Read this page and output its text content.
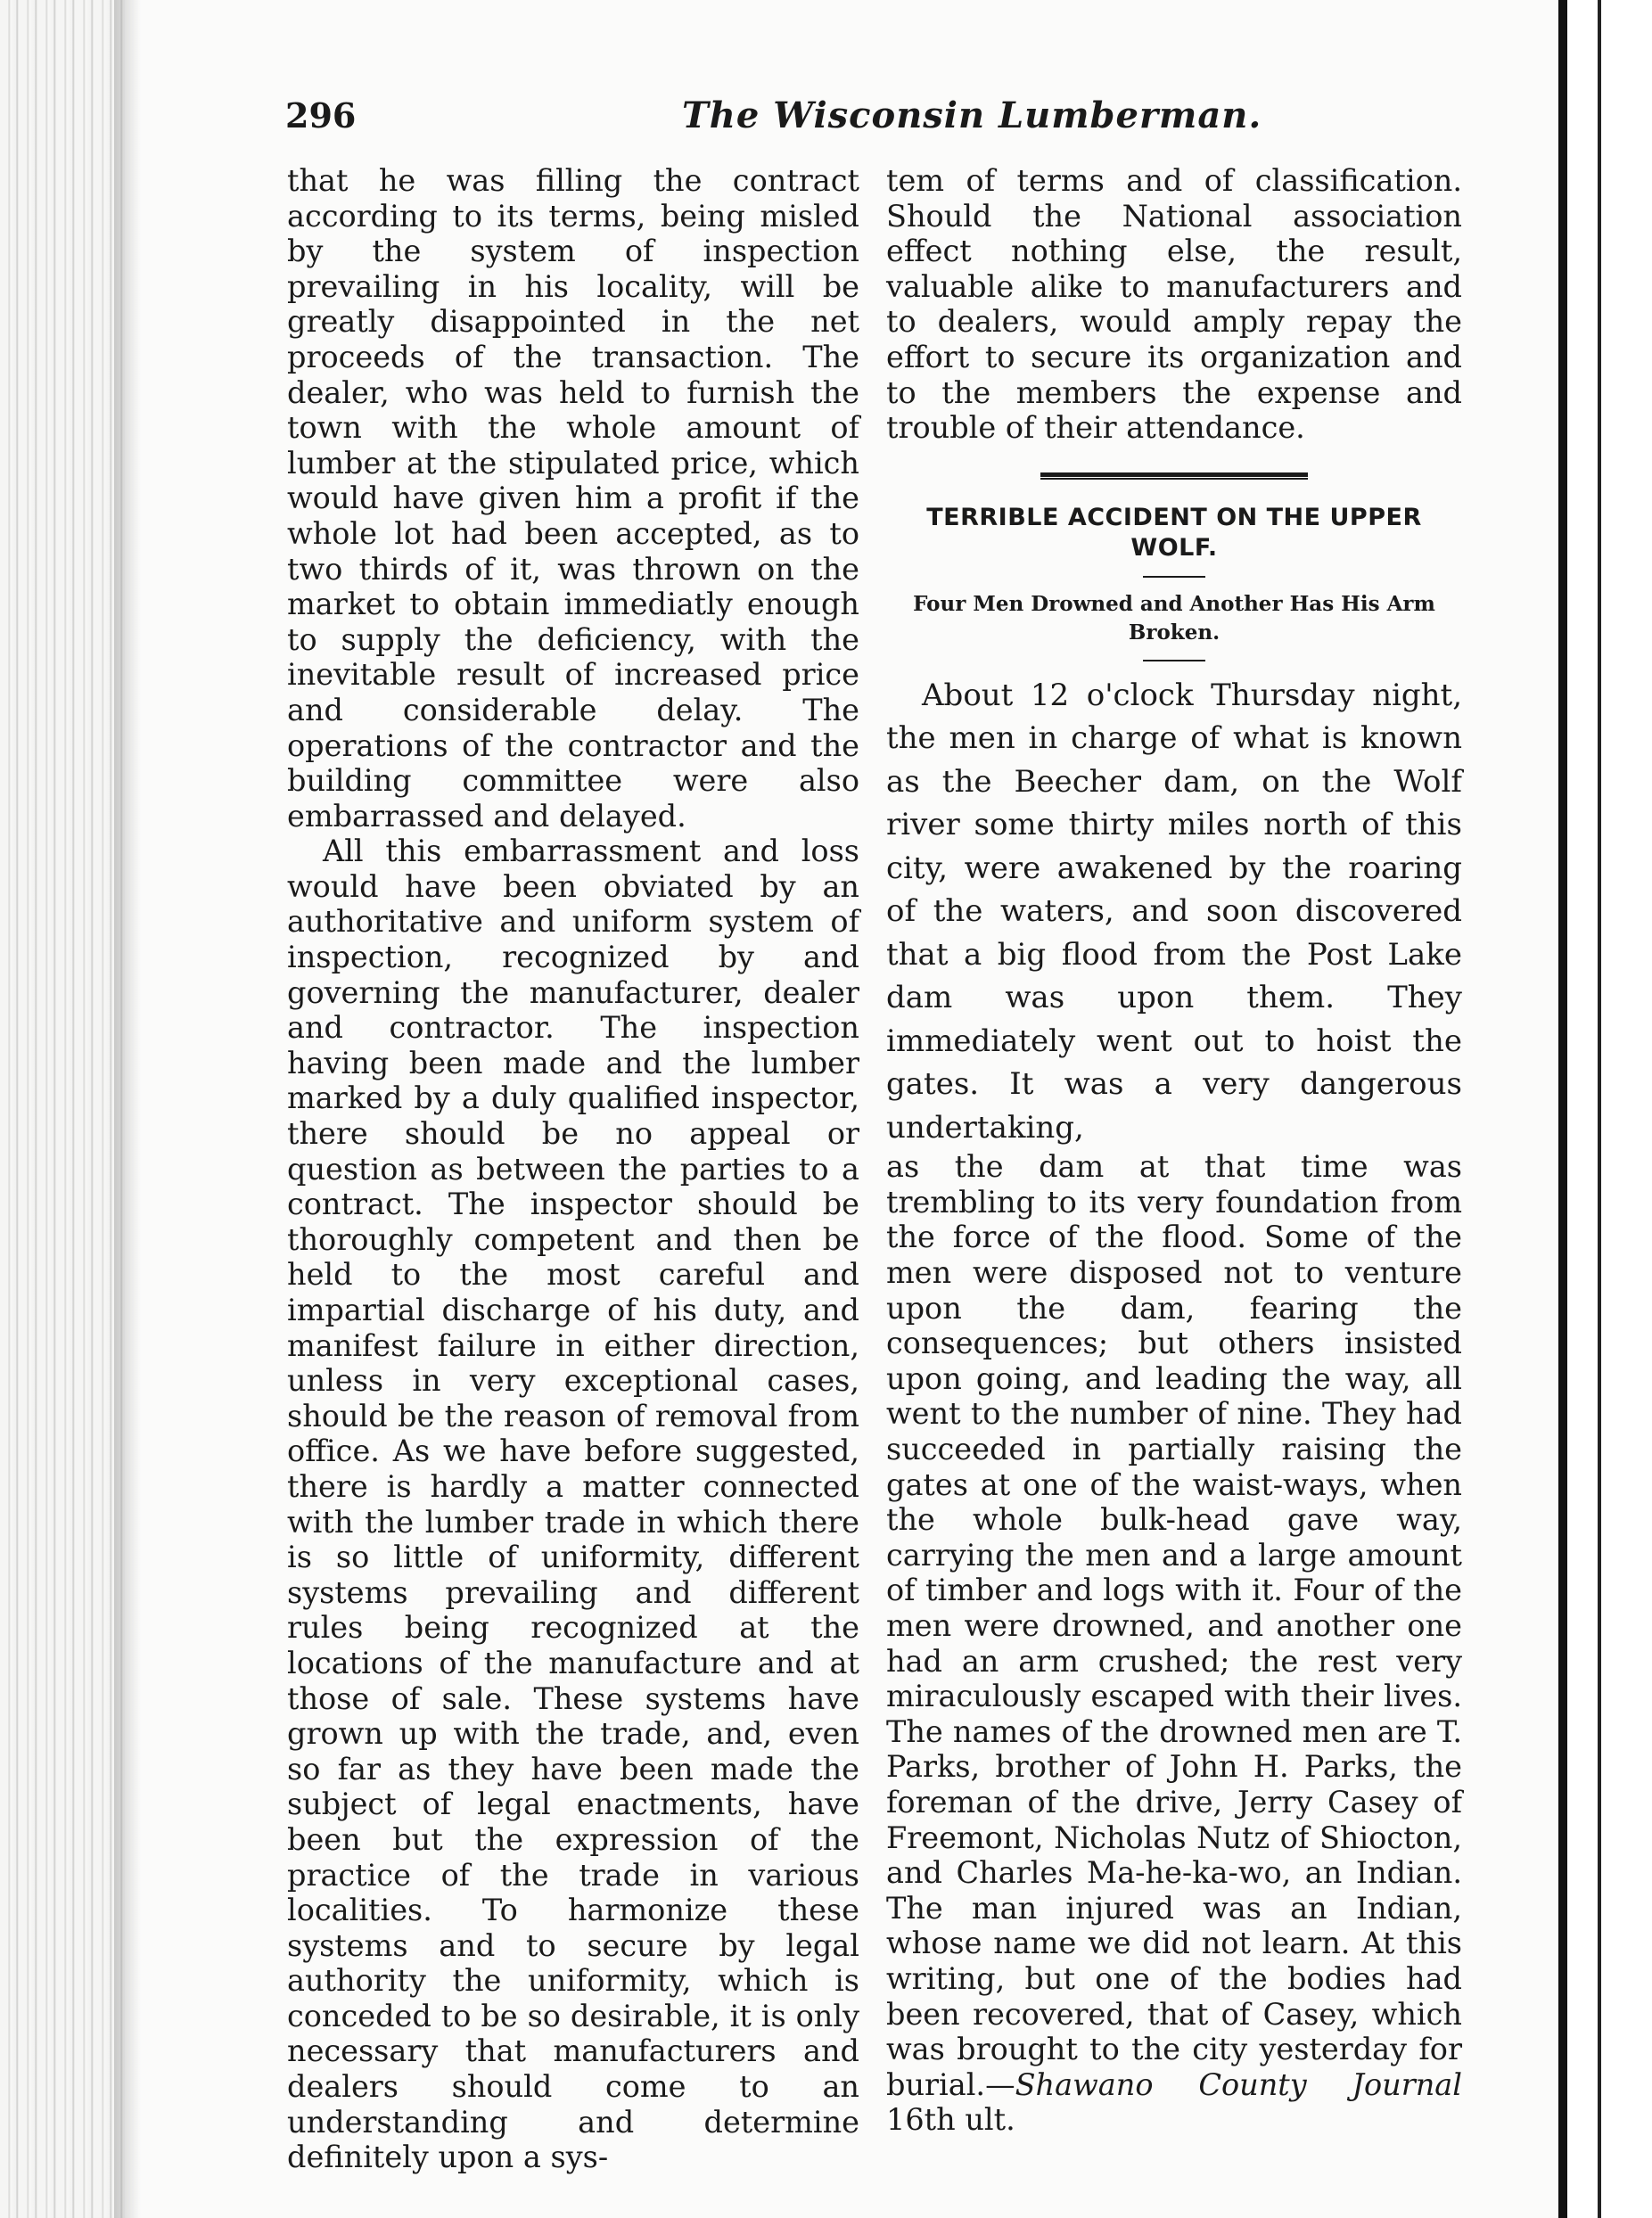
296	The Wisconsin Lumberman.

that he was filling the contract according to its terms, being misled by the system of inspection prevailing in his locality, will be greatly disappointed in the net proceeds of the transaction. The dealer, who was held to furnish the town with the whole amount of lumber at the stipulated price, which would have given him a profit if the whole lot had been accepted, as to two thirds of it, was thrown on the market to obtain immediatly enough to supply the deficiency, with the inevitable result of increased price and considerable delay. The operations of the contractor and the building committee were also embarrassed and delayed.

All this embarrassment and loss would have been obviated by an authoritative and uniform system of inspection, recognized by and governing the manufacturer, dealer and contractor. The inspection having been made and the lumber marked by a duly qualified inspector, there should be no appeal or question as between the parties to a contract. The inspector should be thoroughly competent and then be held to the most careful and impartial discharge of his duty, and manifest failure in either direction, unless in very exceptional cases, should be the reason of removal from office. As we have before suggested, there is hardly a matter connected with the lumber trade in which there is so little of uniformity, different systems prevailing and different rules being recognized at the locations of the manufacture and at those of sale. These systems have grown up with the trade, and, even so far as they have been made the subject of legal enactments, have been but the expression of the practice of the trade in various localities. To harmonize these systems and to secure by legal authority the uniformity, which is conceded to be so desirable, it is only necessary that manufacturers and dealers should come to an understanding and determine definitely upon a sys-

tem of terms and of classification. Should the National association effect nothing else, the result, valuable alike to manufacturers and to dealers, would amply repay the effort to secure its organization and to the members the expense and trouble of their attendance.

TERRIBLE ACCIDENT ON THE UPPER WOLF.

Four Men Drowned and Another Has His Arm Broken.

About 12 o'clock Thursday night, the men in charge of what is known as the Beecher dam, on the Wolf river some thirty miles north of this city, were awakened by the roaring of the waters, and soon discovered that a big flood from the Post Lake dam was upon them. They immediately went out to hoist the gates. It was a very dangerous undertaking,

as the dam at that time was trembling to its very foundation from the force of the flood. Some of the men were disposed not to venture upon the dam, fearing the consequences; but others insisted upon going, and leading the way, all went to the number of nine. They had succeeded in partially raising the gates at one of the waist-ways, when the whole bulk-head gave way, carrying the men and a large amount of timber and logs with it. Four of the men were drowned, and another one had an arm crushed; the rest very miraculously escaped with their lives. The names of the drowned men are T. Parks, brother of John H. Parks, the foreman of the drive, Jerry Casey of Freemont, Nicholas Nutz of Shiocton, and Charles Ma-he-ka-wo, an Indian. The man injured was an Indian, whose name we did not learn. At this writing, but one of the bodies had been recovered, that of Casey, which was brought to the city yesterday for burial.—Shawano County Journal 16th ult.
